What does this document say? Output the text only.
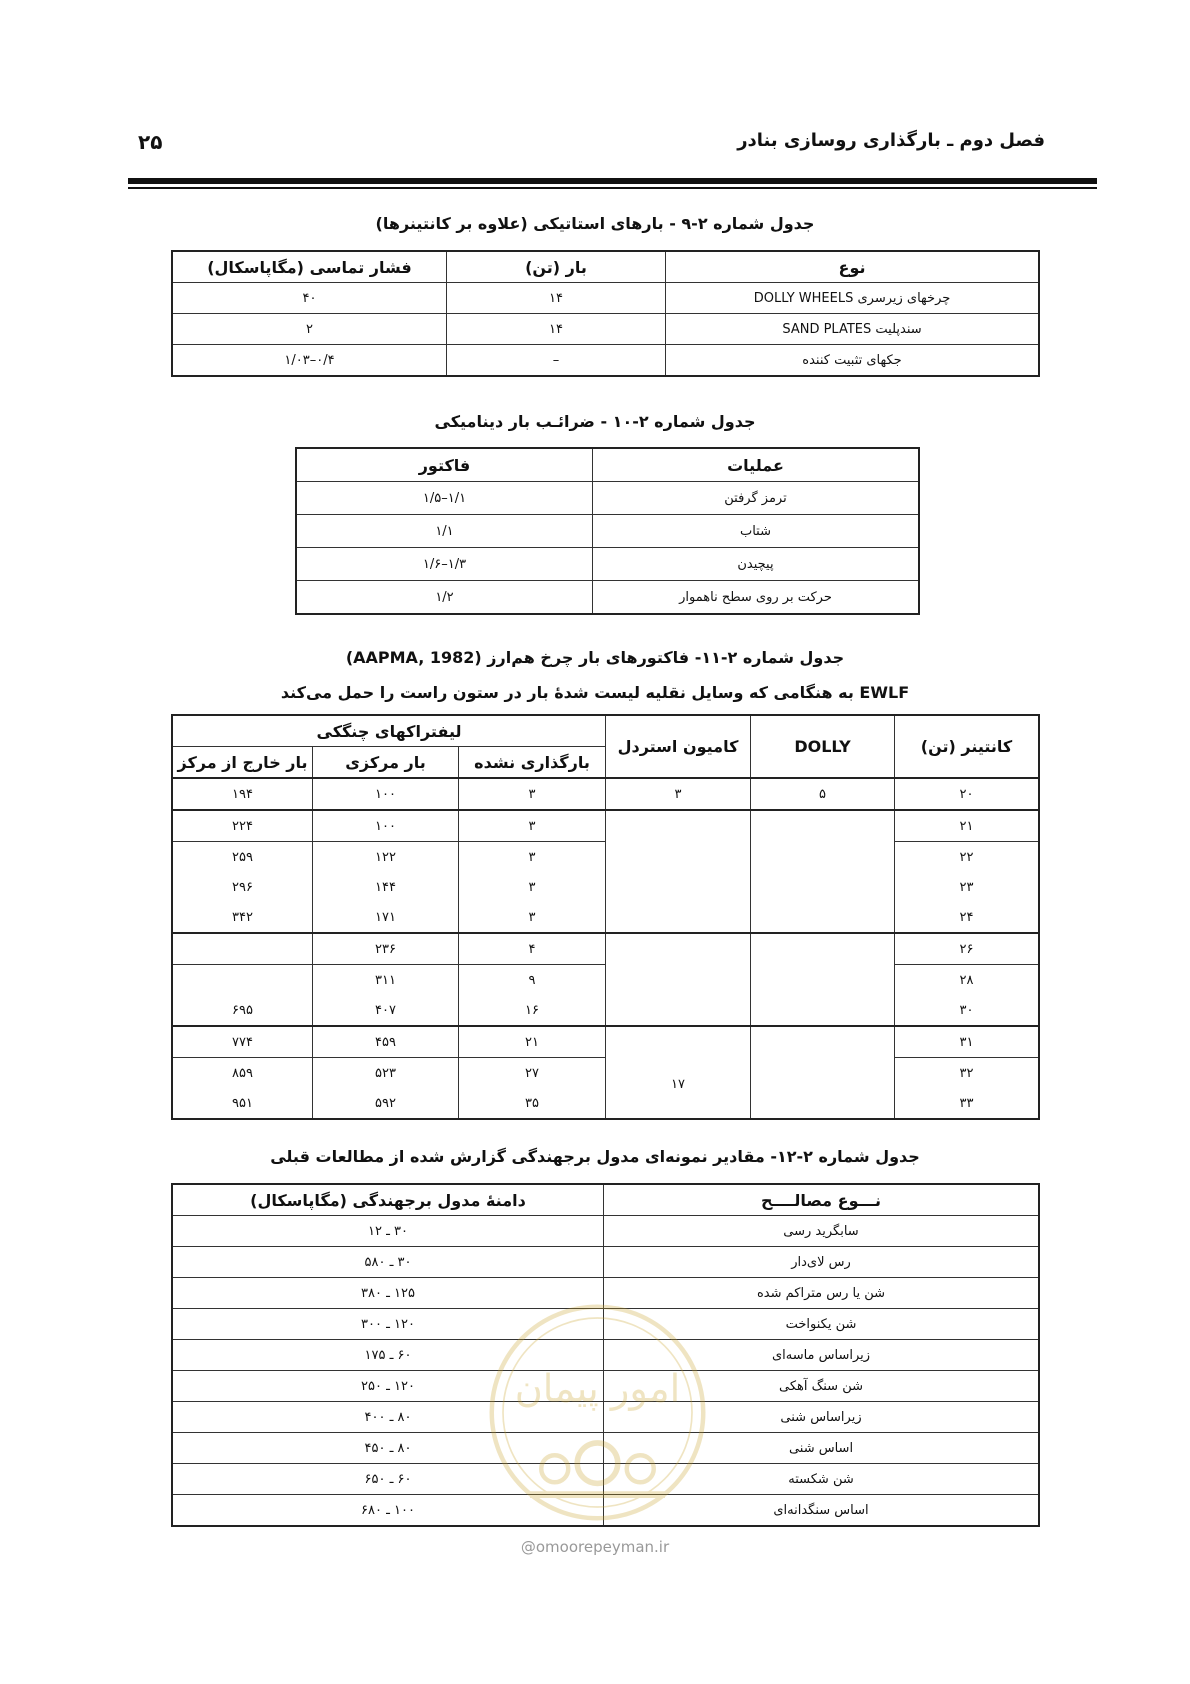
فصل دوم ـ بارگذاری روسازی بنادر
۲۵
جدول شماره ۲-۹ - بارهای استاتیکی (علاوه بر کانتینرها)
نوع	بار (تن)	فشار تماسی (مگاپاسکال)
چرخهای زیرسری DOLLY WHEELS	۱۴	۴۰
سندپلیت SAND PLATES	۱۴	۲
جکهای تثبیت کننده	–	۰/۴–۱/۰۳
جدول شماره ۲-۱۰ - ضرائـب بار دینامیکی
عملیات	فاکتور
ترمز گرفتن	۱/۱–۱/۵
شتاب	۱/۱
پیچیدن	۱/۳–۱/۶
حرکت بر روی سطح ناهموار	۱/۲
جدول شماره ۲-۱۱- فاکتورهای بار چرخ هم‌ارز (AAPMA, 1982)
EWLF به هنگامی که وسایل نقلیه لیست شدهٔ بار در ستون راست را حمل می‌کند
کانتینر (تن)	DOLLY	کامیون استردل	لیفتراکهای چنگکی		
			بارگذاری نشده	بار مرکزی	بار خارج از مرکز
۲۰	۵	۳	۳	۱۰۰	۱۹۴
۲۱			۳	۱۰۰	۲۲۴
۲۲			۳	۱۲۲	۲۵۹
۲۳			۳	۱۴۴	۲۹۶
۲۴			۳	۱۷۱	۳۴۲
۲۶			۴	۲۳۶	
۲۸			۹	۳۱۱	
۳۰			۱۶	۴۰۷	۶۹۵
۳۱		۱۷	۲۱	۴۵۹	۷۷۴
۳۲			۲۷	۵۲۳	۸۵۹
۳۳			۳۵	۵۹۲	۹۵۱
جدول شماره ۲-۱۲- مقادیر نمونه‌ای مدول برجهندگی گزارش شده از مطالعات قبلی
نـــوع مصالــــح	دامنهٔ مدول برجهندگی (مگاپاسکال)
سابگرید رسی	۳۰ ـ ۱۲
رس لای‌دار	۳۰ ـ ۵۸۰
شن یا رس متراکم شده	۱۲۵ ـ ۳۸۰
شن یکنواخت	۱۲۰ ـ ۳۰۰
زیراساس ماسه‌ای	۶۰ ـ ۱۷۵
شن سنگ آهکی	۱۲۰ ـ ۲۵۰
زیراساس شنی	۸۰ ـ ۴۰۰
اساس شنی	۸۰ ـ ۴۵۰
شن شکسته	۶۰ ـ ۶۵۰
اساس سنگدانه‌ای	۱۰۰ ـ ۶۸۰
امور پیمان
@omoorepeyman.ir
